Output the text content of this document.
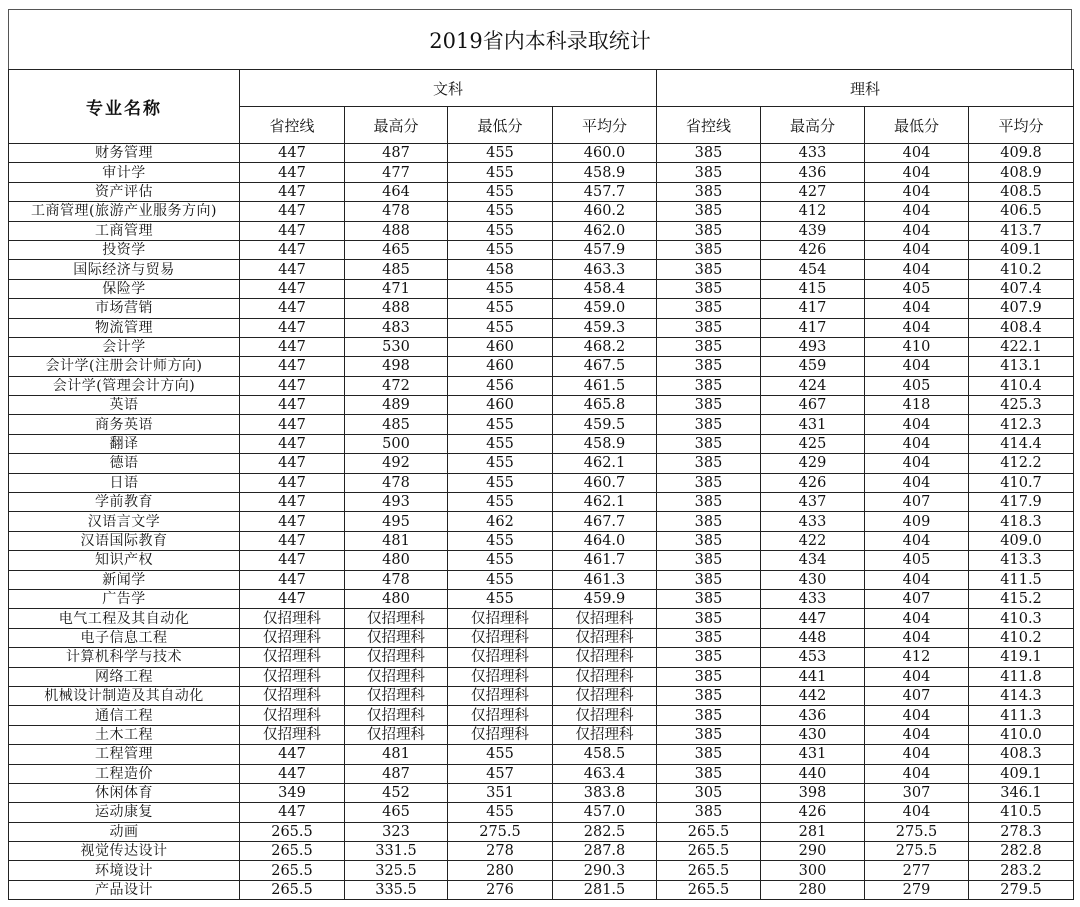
2019省内本科录取统计
专业名称	文科				理科			
	省控线	最高分	最低分	平均分	省控线	最高分	最低分	平均分
财务管理	447	487	455	460.0	385	433	404	409.8
审计学	447	477	455	458.9	385	436	404	408.9
资产评估	447	464	455	457.7	385	427	404	408.5
工商管理(旅游产业服务方向)	447	478	455	460.2	385	412	404	406.5
工商管理	447	488	455	462.0	385	439	404	413.7
投资学	447	465	455	457.9	385	426	404	409.1
国际经济与贸易	447	485	458	463.3	385	454	404	410.2
保险学	447	471	455	458.4	385	415	405	407.4
市场营销	447	488	455	459.0	385	417	404	407.9
物流管理	447	483	455	459.3	385	417	404	408.4
会计学	447	530	460	468.2	385	493	410	422.1
会计学(注册会计师方向)	447	498	460	467.5	385	459	404	413.1
会计学(管理会计方向)	447	472	456	461.5	385	424	405	410.4
英语	447	489	460	465.8	385	467	418	425.3
商务英语	447	485	455	459.5	385	431	404	412.3
翻译	447	500	455	458.9	385	425	404	414.4
德语	447	492	455	462.1	385	429	404	412.2
日语	447	478	455	460.7	385	426	404	410.7
学前教育	447	493	455	462.1	385	437	407	417.9
汉语言文学	447	495	462	467.7	385	433	409	418.3
汉语国际教育	447	481	455	464.0	385	422	404	409.0
知识产权	447	480	455	461.7	385	434	405	413.3
新闻学	447	478	455	461.3	385	430	404	411.5
广告学	447	480	455	459.9	385	433	407	415.2
电气工程及其自动化	仅招理科	仅招理科	仅招理科	仅招理科	385	447	404	410.3
电子信息工程	仅招理科	仅招理科	仅招理科	仅招理科	385	448	404	410.2
计算机科学与技术	仅招理科	仅招理科	仅招理科	仅招理科	385	453	412	419.1
网络工程	仅招理科	仅招理科	仅招理科	仅招理科	385	441	404	411.8
机械设计制造及其自动化	仅招理科	仅招理科	仅招理科	仅招理科	385	442	407	414.3
通信工程	仅招理科	仅招理科	仅招理科	仅招理科	385	436	404	411.3
土木工程	仅招理科	仅招理科	仅招理科	仅招理科	385	430	404	410.0
工程管理	447	481	455	458.5	385	431	404	408.3
工程造价	447	487	457	463.4	385	440	404	409.1
休闲体育	349	452	351	383.8	305	398	307	346.1
运动康复	447	465	455	457.0	385	426	404	410.5
动画	265.5	323	275.5	282.5	265.5	281	275.5	278.3
视觉传达设计	265.5	331.5	278	287.8	265.5	290	275.5	282.8
环境设计	265.5	325.5	280	290.3	265.5	300	277	283.2
产品设计	265.5	335.5	276	281.5	265.5	280	279	279.5
